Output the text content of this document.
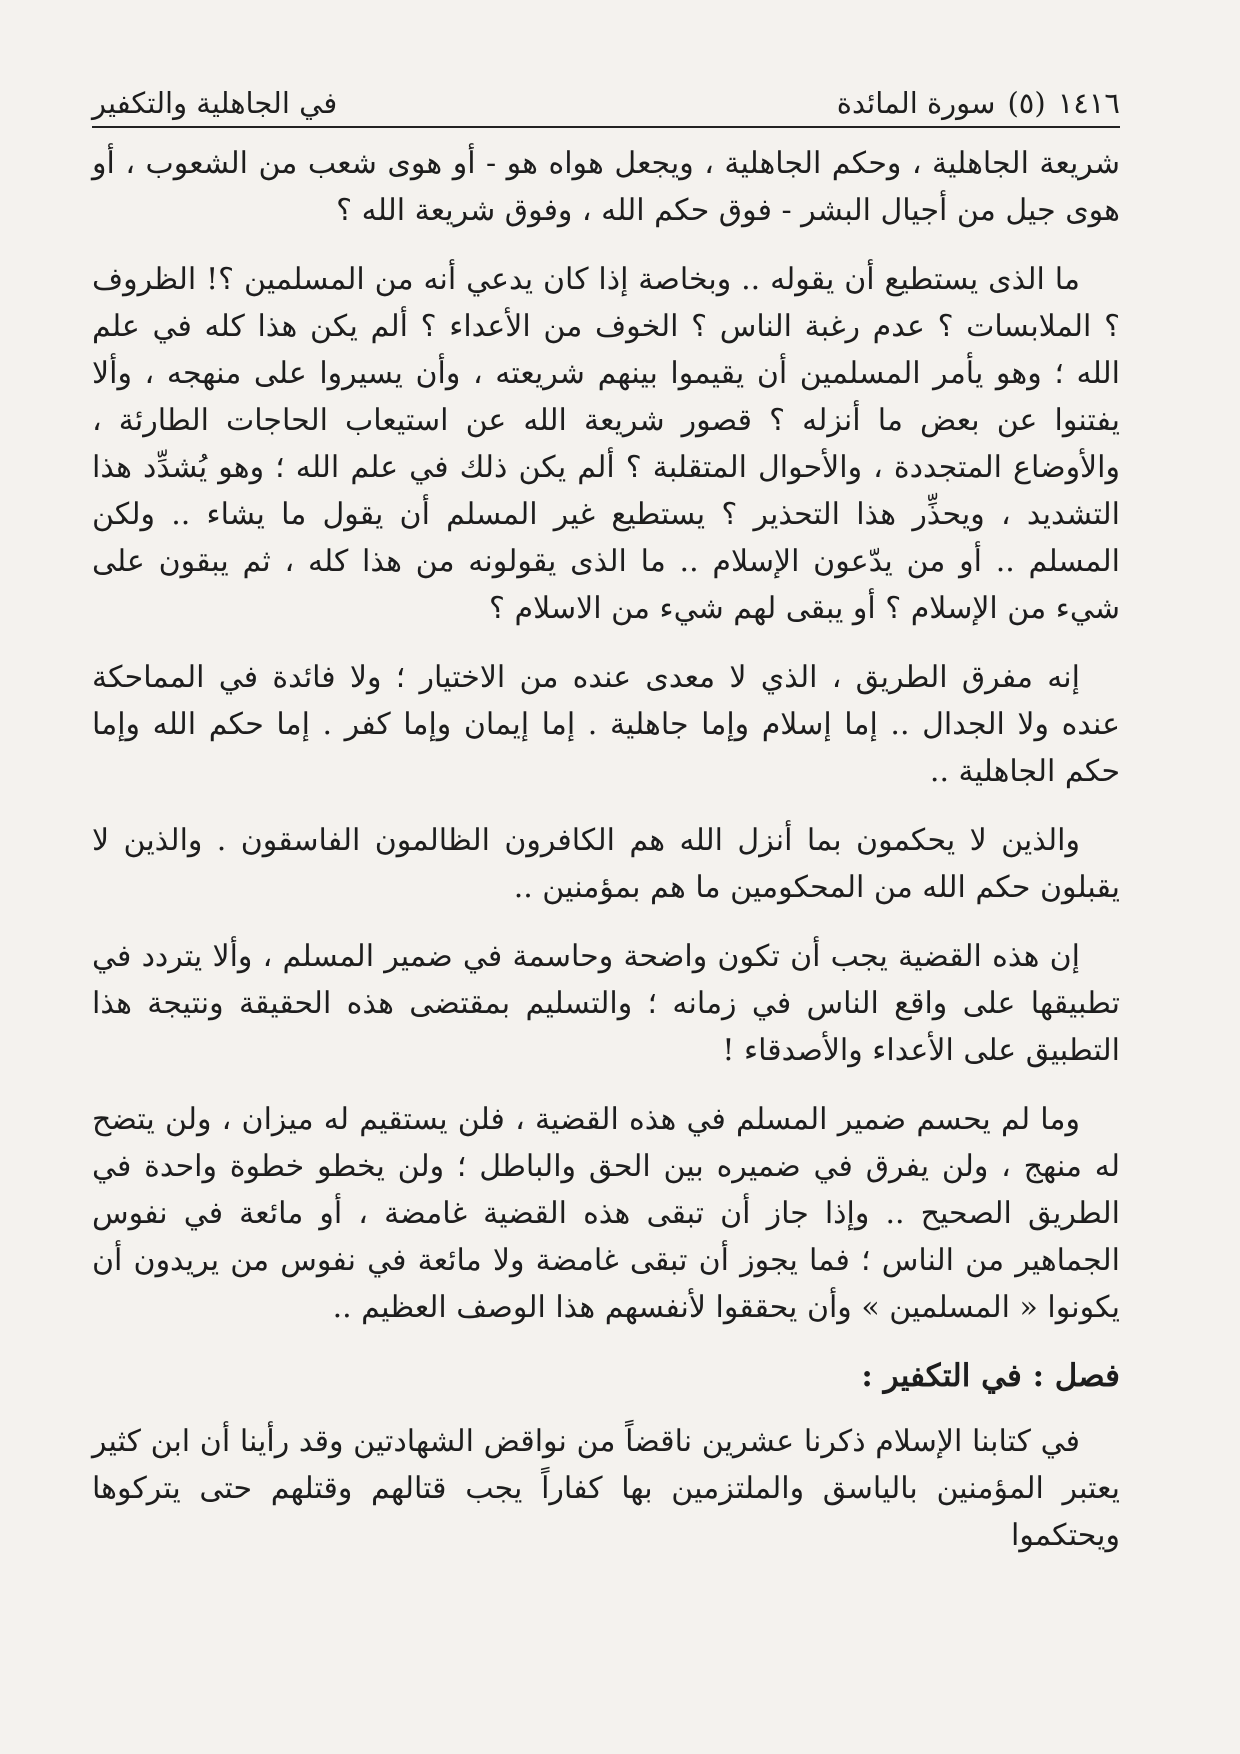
١٤١٦
(٥)
سورة المائدة
في الجاهلية والتكفير

شريعة الجاهلية ، وحكم الجاهلية ، ويجعل هواه هو - أو هوى شعب من الشعوب ، أو هوى جيل من أجيال البشر - فوق حكم الله ، وفوق شريعة الله ؟

ما الذى يستطيع أن يقوله .. وبخاصة إذا كان يدعي أنه من المسلمين ؟! الظروف ؟ الملابسات ؟ عدم رغبة الناس ؟ الخوف من الأعداء ؟ ألم يكن هذا كله في علم الله ؛ وهو يأمر المسلمين أن يقيموا بينهم شريعته ، وأن يسيروا على منهجه ، وألا يفتنوا عن بعض ما أنزله ؟ قصور شريعة الله عن استيعاب الحاجات الطارئة ، والأوضاع المتجددة ، والأحوال المتقلبة ؟ ألم يكن ذلك في علم الله ؛ وهو يُشدِّد هذا التشديد ، ويحذِّر هذا التحذير ؟ يستطيع غير المسلم أن يقول ما يشاء .. ولكن المسلم .. أو من يدّعون الإسلام .. ما الذى يقولونه من هذا كله ، ثم يبقون على شيء من الإسلام ؟ أو يبقى لهم شيء من الاسلام ؟

إنه مفرق الطريق ، الذي لا معدى عنده من الاختيار ؛ ولا فائدة في المماحكة عنده ولا الجدال .. إما إسلام وإما جاهلية . إما إيمان وإما كفر . إما حكم الله وإما حكم الجاهلية ..

والذين لا يحكمون بما أنزل الله هم الكافرون الظالمون الفاسقون . والذين لا يقبلون حكم الله من المحكومين ما هم بمؤمنين ..

إن هذه القضية يجب أن تكون واضحة وحاسمة في ضمير المسلم ، وألا يتردد في تطبيقها على واقع الناس في زمانه ؛ والتسليم بمقتضى هذه الحقيقة ونتيجة هذا التطبيق على الأعداء والأصدقاء !

وما لم يحسم ضمير المسلم في هذه القضية ، فلن يستقيم له ميزان ، ولن يتضح له منهج ، ولن يفرق في ضميره بين الحق والباطل ؛ ولن يخطو خطوة واحدة في الطريق الصحيح .. وإذا جاز أن تبقى هذه القضية غامضة ، أو مائعة في نفوس الجماهير من الناس ؛ فما يجوز أن تبقى غامضة ولا مائعة في نفوس من يريدون أن يكونوا « المسلمين » وأن يحققوا لأنفسهم هذا الوصف العظيم ..

فصل : في التكفير :

في كتابنا الإسلام ذكرنا عشرين ناقضاً من نواقض الشهادتين وقد رأينا أن ابن كثير يعتبر المؤمنين بالياسق والملتزمين بها كفاراً يجب قتالهم وقتلهم حتى يتركوها ويحتكموا
